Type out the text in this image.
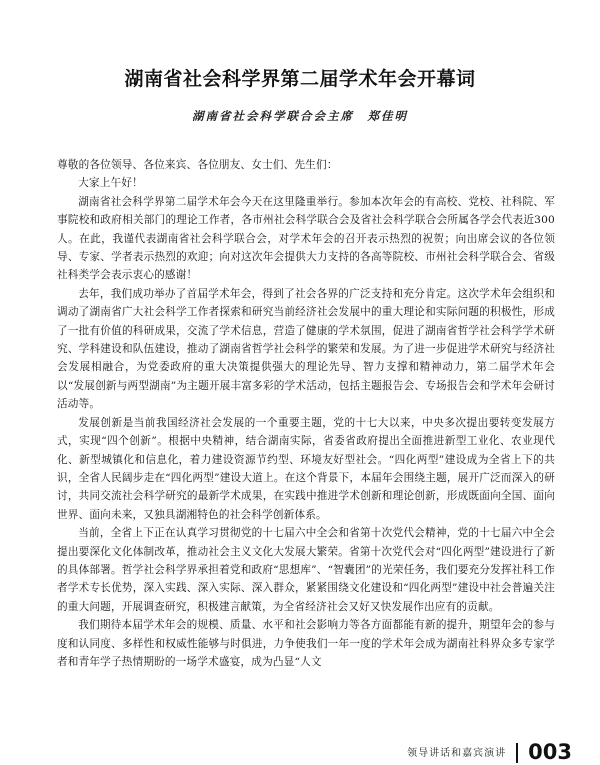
湖南省社会科学界第二届学术年会开幕词
湖南省社会科学联合会主席　郑佳明

尊敬的各位领导、各位来宾、各位朋友、女士们、先生们：

大家上午好！

湖南省社会科学界第二届学术年会今天在这里隆重举行。参加本次年会的有高校、党校、社科院、军事院校和政府相关部门的理论工作者，各市州社会科学联合会及省社会科学联合会所属各学会代表近300人。在此，我谨代表湖南省社会科学联合会，对学术年会的召开表示热烈的祝贺；向出席会议的各位领导、专家、学者表示热烈的欢迎；向对这次年会提供大力支持的各高等院校、市州社会科学联合会、省级社科类学会表示衷心的感谢！

去年，我们成功举办了首届学术年会，得到了社会各界的广泛支持和充分肯定。这次学术年会组织和调动了湖南省广大社会科学工作者探索和研究当前经济社会发展中的重大理论和实际问题的积极性，形成了一批有价值的科研成果，交流了学术信息，营造了健康的学术氛围，促进了湖南省哲学社会科学学术研究、学科建设和队伍建设，推动了湖南省哲学社会科学的繁荣和发展。为了进一步促进学术研究与经济社会发展相融合，为党委政府的重大决策提供强大的理论先导、智力支撑和精神动力，第二届学术年会以“发展创新与两型湖南”为主题开展丰富多彩的学术活动，包括主题报告会、专场报告会和学术年会研讨活动等。

发展创新是当前我国经济社会发展的一个重要主题，党的十七大以来，中央多次提出要转变发展方式，实现“四个创新”。根据中央精神，结合湖南实际，省委省政府提出全面推进新型工业化、农业现代化、新型城镇化和信息化，着力建设资源节约型、环境友好型社会。“四化两型”建设成为全省上下的共识，全省人民阔步走在“四化两型”建设大道上。在这个背景下，本届年会围绕主题，展开广泛而深入的研讨，共同交流社会科学研究的最新学术成果，在实践中推进学术创新和理论创新，形成既面向全国、面向世界、面向未来，又独具湖湘特色的社会科学创新体系。

当前，全省上下正在认真学习贯彻党的十七届六中全会和省第十次党代会精神，党的十七届六中全会提出要深化文化体制改革，推动社会主义文化大发展大繁荣。省第十次党代会对“四化两型”建设进行了新的具体部署。哲学社会科学界承担着党和政府“思想库”、“智囊团”的光荣任务，我们要充分发挥社科工作者学术专长优势，深入实践、深入实际、深入群众，紧紧围绕文化建设和“四化两型”建设中社会普遍关注的重大问题，开展调查研究，积极建言献策，为全省经济社会又好又快发展作出应有的贡献。

我们期待本届学术年会的规模、质量、水平和社会影响力等各方面都能有新的提升，期望年会的参与度和认同度、多样性和权威性能够与时俱进，力争使我们一年一度的学术年会成为湖南社科界众多专家学者和青年学子热情期盼的一场学术盛宴，成为凸显“人文

领导讲话和嘉宾演讲 003
